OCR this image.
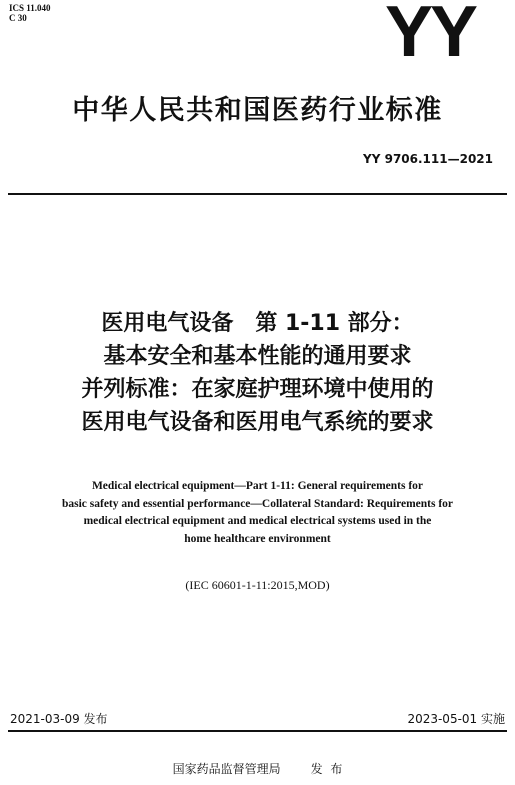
ICS 11.040
C 30	YY
中华人民共和国医药行业标准
YY 9706.111—2021
医用电气设备　第 1-11 部分：
基本安全和基本性能的通用要求
并列标准：在家庭护理环境中使用的
医用电气设备和医用电气系统的要求
Medical electrical equipment—Part 1-11: General requirements for
basic safety and essential performance—Collateral Standard: Requirements for
medical electrical equipment and medical electrical systems used in the
home healthcare environment
(IEC 60601-1-11:2015,MOD)
2021-03-09 发布	2023-05-01 实施
国家药品监督管理局	发 布
